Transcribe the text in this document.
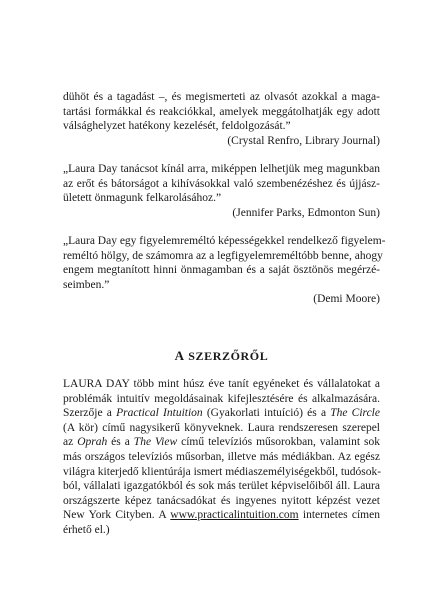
dühöt és a tagadást –, és megismerteti az olvasót azokkal a maga-
tartási formákkal és reakciókkal, amelyek meggátolhatják egy adott
válsághelyzet hatékony kezelését, feldolgozását.”
(Crystal Renfro, Library Journal)
„Laura Day tanácsot kínál arra, miképpen lelhetjük meg magunkban
az erőt és bátorságot a kihívásokkal való szembenézéshez és újjász-
ületett önmagunk felkarolásához.”
(Jennifer Parks, Edmonton Sun)
„Laura Day egy figyelemreméltó képességekkel rendelkező figyelem-
reméltó hölgy, de számomra az a legfigyelemreméltóbb benne, ahogy
engem megtanított hinni önmagamban és a saját ösztönös megérzé-
seimben.”
(Demi Moore)
A SZERZŐRŐL
LAURA DAY több mint húsz éve tanít egyéneket és vállalatokat a
problémák intuitív megoldásainak kifejlesztésére és alkalmazására.
Szerzője a Practical Intuition (Gyakorlati intuíció) és a The Circle
(A kör) című nagysikerű könyveknek. Laura rendszeresen szerepel
az Oprah és a The View című televíziós műsorokban, valamint sok
más országos televíziós műsorban, illetve más médiákban. Az egész
világra kiterjedő klientúrája ismert médiaszemélyiségekből, tudósok-
ból, vállalati igazgatókból és sok más terület képviselőiből áll. Laura
országszerte képez tanácsadókat és ingyenes nyitott képzést vezet
New York Cityben. A www.practicalintuition.com internetes címen
érhető el.)
